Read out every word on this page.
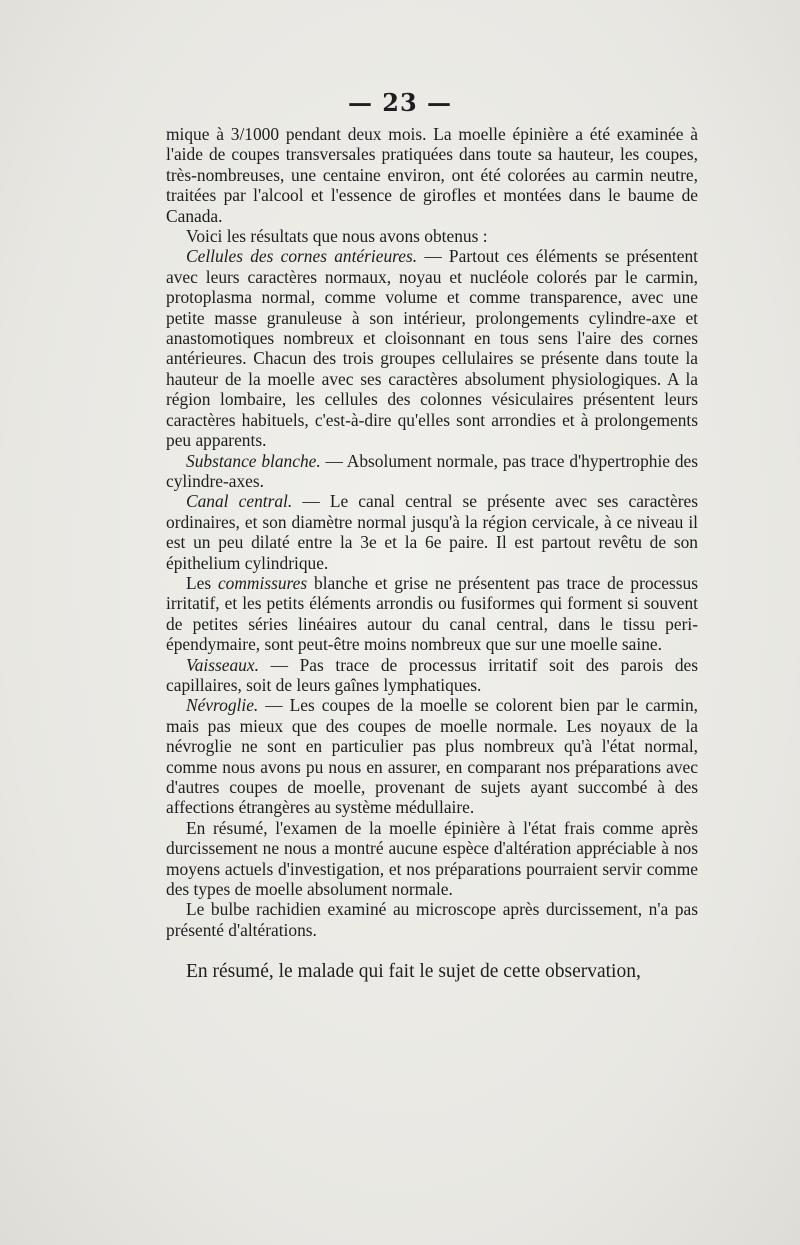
— 23 —

mique à 3/1000 pendant deux mois. La moelle épinière a été examinée à l'aide de coupes transversales pratiquées dans toute sa hauteur, les coupes, très-nombreuses, une centaine environ, ont été colorées au carmin neutre, traitées par l'alcool et l'essence de girofles et montées dans le baume de Canada.

Voici les résultats que nous avons obtenus :

Cellules des cornes antérieures. — Partout ces éléments se présentent avec leurs caractères normaux, noyau et nucléole colorés par le carmin, protoplasma normal, comme volume et comme transparence, avec une petite masse granuleuse à son intérieur, prolongements cylindre-axe et anastomotiques nombreux et cloisonnant en tous sens l'aire des cornes antérieures. Chacun des trois groupes cellulaires se présente dans toute la hauteur de la moelle avec ses caractères absolument physiologiques. A la région lombaire, les cellules des colonnes vésiculaires présentent leurs caractères habituels, c'est-à-dire qu'elles sont arrondies et à prolongements peu apparents.

Substance blanche. — Absolument normale, pas trace d'hypertrophie des cylindre-axes.

Canal central. — Le canal central se présente avec ses caractères ordinaires, et son diamètre normal jusqu'à la région cervicale, à ce niveau il est un peu dilaté entre la 3e et la 6e paire. Il est partout revêtu de son épithelium cylindrique.

Les commissures blanche et grise ne présentent pas trace de processus irritatif, et les petits éléments arrondis ou fusiformes qui forment si souvent de petites séries linéaires autour du canal central, dans le tissu peri-épendymaire, sont peut-être moins nombreux que sur une moelle saine.

Vaisseaux. — Pas trace de processus irritatif soit des parois des capillaires, soit de leurs gaînes lymphatiques.

Névroglie. — Les coupes de la moelle se colorent bien par le carmin, mais pas mieux que des coupes de moelle normale. Les noyaux de la névroglie ne sont en particulier pas plus nombreux qu'à l'état normal, comme nous avons pu nous en assurer, en comparant nos préparations avec d'autres coupes de moelle, provenant de sujets ayant succombé à des affections étrangères au système médullaire.

En résumé, l'examen de la moelle épinière à l'état frais comme après durcissement ne nous a montré aucune espèce d'altération appréciable à nos moyens actuels d'investigation, et nos préparations pourraient servir comme des types de moelle absolument normale.

Le bulbe rachidien examiné au microscope après durcissement, n'a pas présenté d'altérations.

En résumé, le malade qui fait le sujet de cette observation,
